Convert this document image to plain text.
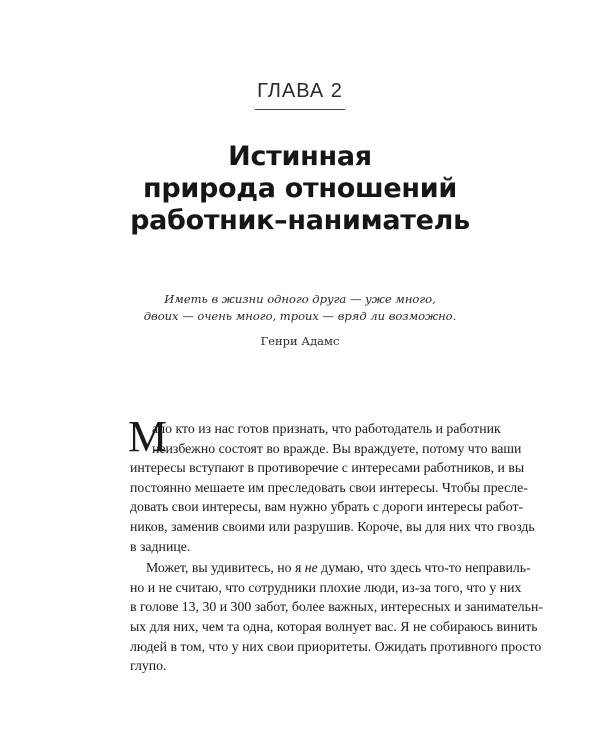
ГЛАВА 2
Истинная
природа отношений
работник–наниматель
Иметь в жизни одного друга — уже много,
двоих — очень много, троих — вряд ли возможно.
Генри Адамс

М
ало кто из нас готов признать, что работодатель и работник
неизбежно состоят во вражде. Вы враждуете, потому что ваши
интересы вступают в противоречие с интересами работников, и вы
постоянно мешаете им преследовать свои интересы. Чтобы пресле-
довать свои интересы, вам нужно убрать с дороги интересы работ-
ников, заменив своими или разрушив. Короче, вы для них что гвоздь
в заднице.

Может, вы удивитесь, но я не думаю, что здесь что-то неправиль-
но и не считаю, что сотрудники плохие люди, из-за того, что у них
в голове 13, 30 и 300 забот, более важных, интересных и занимательн-
ых для них, чем та одна, которая волнует вас. Я не собираюсь винить
людей в том, что у них свои приоритеты. Ожидать противного просто
глупо.
